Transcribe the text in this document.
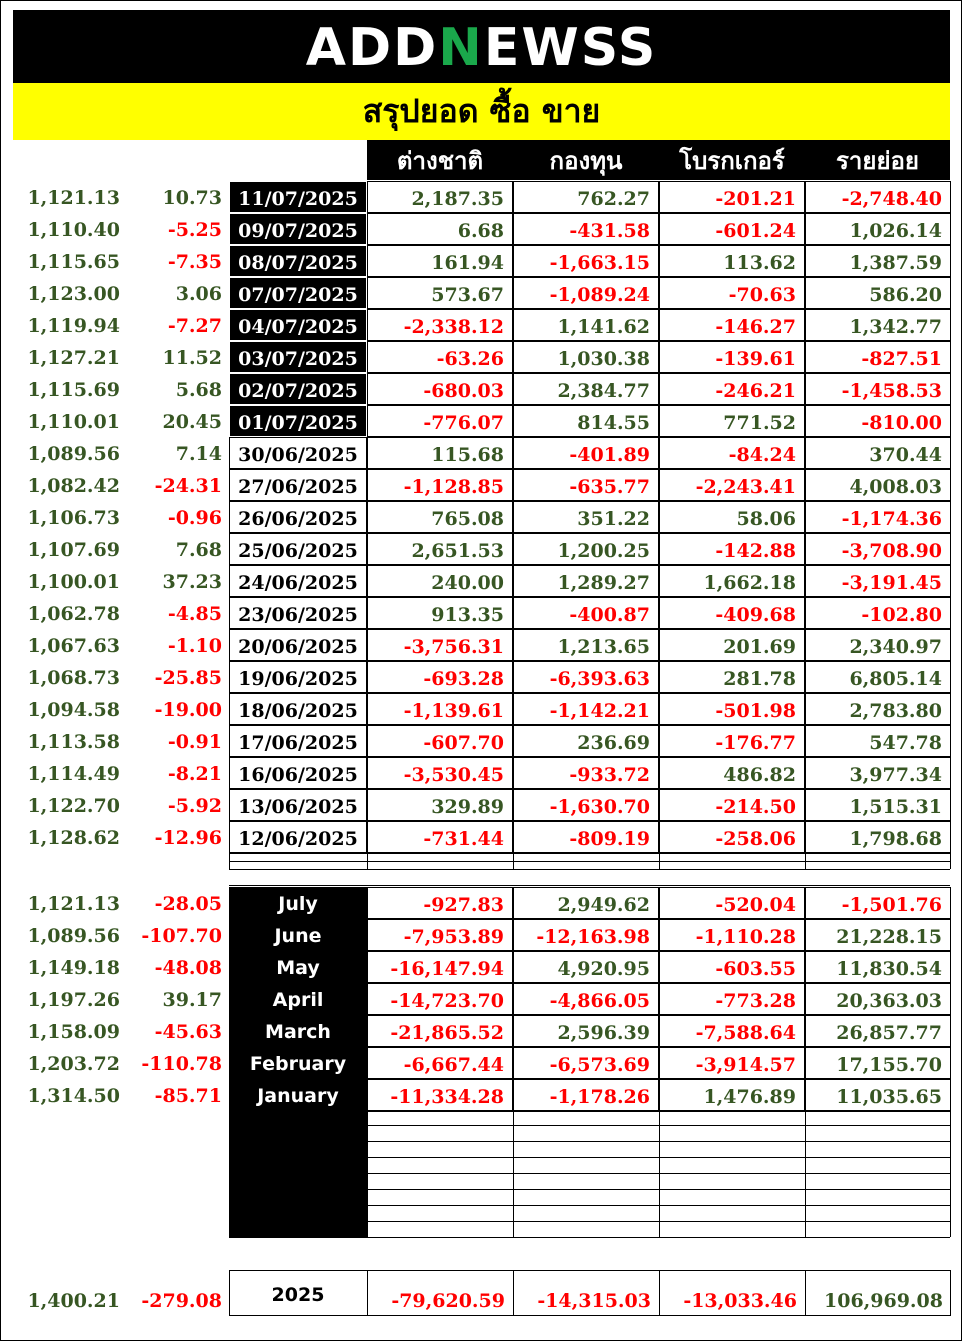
ADDNEWSS
สรุปยอด ซื้อ ขาย
ต่างชาติ	กองทุน	โบรกเกอร์	รายย่อย
1,121.13	10.73 11/07/2025	2,187.35	762.27	-201.21	-2,748.40
1,110.40	-5.25 09/07/2025	6.68	-431.58	-601.24	1,026.14
1,115.65	-7.35 08/07/2025	161.94	-1,663.15	113.62	1,387.59
1,123.00	3.06 07/07/2025	573.67	-1,089.24	-70.63	586.20
1,119.94	-7.27 04/07/2025	-2,338.12	1,141.62	-146.27	1,342.77
1,127.21	11.52 03/07/2025	-63.26	1,030.38	-139.61	-827.51
1,115.69	5.68 02/07/2025	-680.03	2,384.77	-246.21	-1,458.53
1,110.01	20.45 01/07/2025	-776.07	814.55	771.52	-810.00
1,089.56	7.14 30/06/2025	115.68	-401.89	-84.24	370.44
1,082.42	-24.31 27/06/2025	-1,128.85	-635.77	-2,243.41	4,008.03
1,106.73	-0.96 26/06/2025	765.08	351.22	58.06	-1,174.36
1,107.69	7.68 25/06/2025	2,651.53	1,200.25	-142.88	-3,708.90
1,100.01	37.23 24/06/2025	240.00	1,289.27	1,662.18	-3,191.45
1,062.78	-4.85 23/06/2025	913.35	-400.87	-409.68	-102.80
1,067.63	-1.10 20/06/2025	-3,756.31	1,213.65	201.69	2,340.97
1,068.73	-25.85 19/06/2025	-693.28	-6,393.63	281.78	6,805.14
1,094.58	-19.00 18/06/2025	-1,139.61	-1,142.21	-501.98	2,783.80
1,113.58	-0.91 17/06/2025	-607.70	236.69	-176.77	547.78
1,114.49	-8.21 16/06/2025	-3,530.45	-933.72	486.82	3,977.34
1,122.70	-5.92 13/06/2025	329.89	-1,630.70	-214.50	1,515.31
1,128.62	-12.96 12/06/2025	-731.44	-809.19	-258.06	1,798.68
1,121.13	-28.05	July	-927.83	2,949.62	-520.04	-1,501.76
1,089.56	-107.70	June	-7,953.89	-12,163.98	-1,110.28	21,228.15
1,149.18	-48.08	May	-16,147.94	4,920.95	-603.55	11,830.54
1,197.26	39.17	April	-14,723.70	-4,866.05	-773.28	20,363.03
1,158.09	-45.63	March	-21,865.52	2,596.39	-7,588.64	26,857.77
1,203.72	-110.78	February	-6,667.44	-6,573.69	-3,914.57	17,155.70
1,314.50	-85.71	January	-11,334.28	-1,178.26	1,476.89	11,035.65
1,400.21	-279.08	2025	-79,620.59	-14,315.03	-13,033.46	106,969.08
